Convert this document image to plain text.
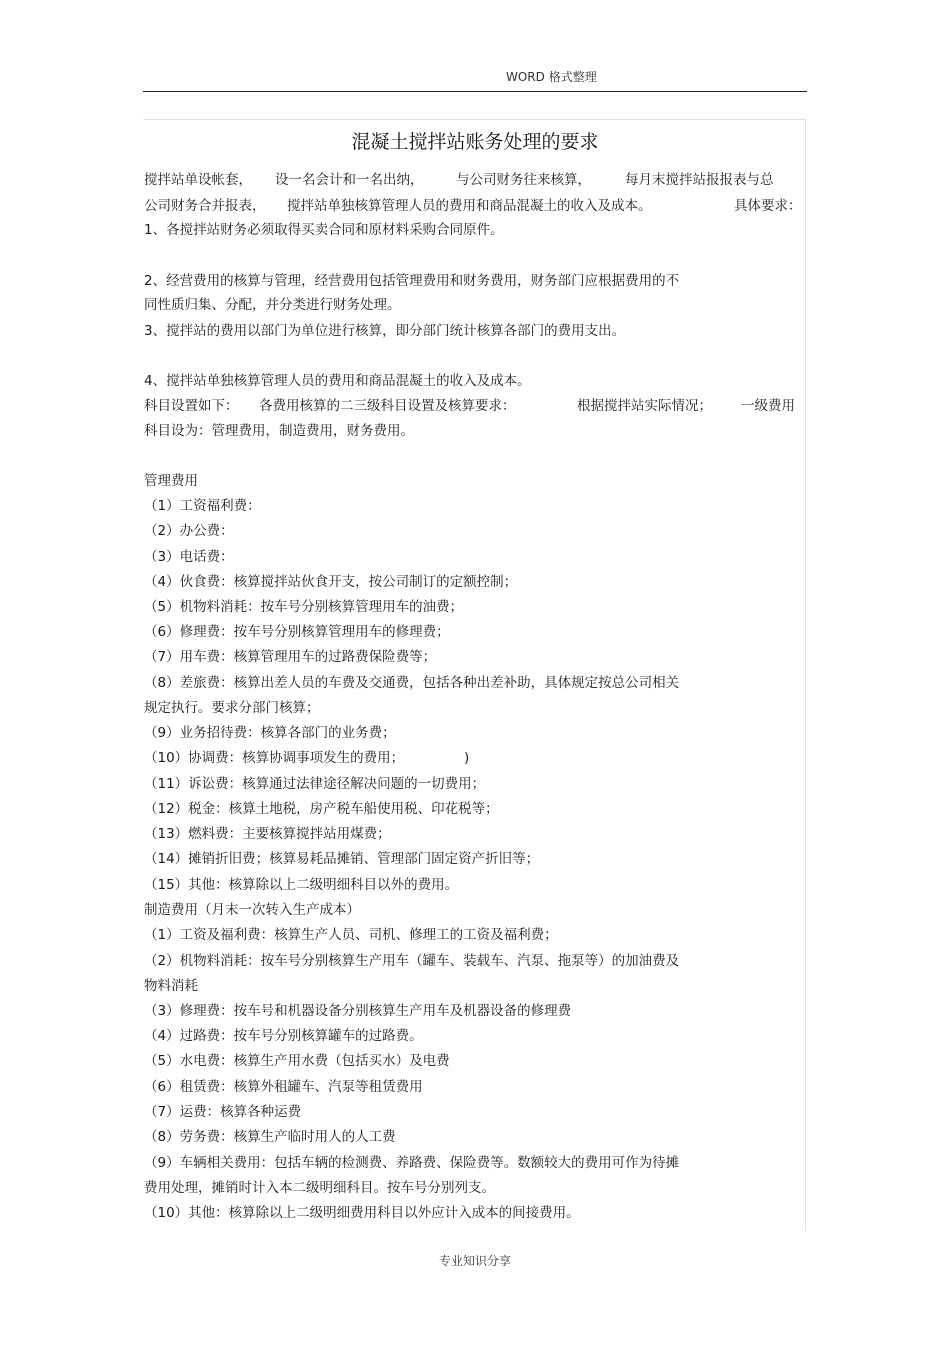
WORD 格式整理
混凝土搅拌站账务处理的要求
搅拌站单设帐套， 设一名会计和一名出纳， 与公司财务往来核算，	每月末搅拌站报报表与总
公司财务合并报表， 搅拌站单独核算管理人员的费用和商品混凝土的收入及成本。	具体要求：
1、各搅拌站财务必须取得买卖合同和原材料采购合同原件。
2、经营费用的核算与管理，经营费用包括管理费用和财务费用，财务部门应根据费用的不
同性质归集、分配，并分类进行财务处理。
3、搅拌站的费用以部门为单位进行核算，即分部门统计核算各部门的费用支出。
4、搅拌站单独核算管理人员的费用和商品混凝土的收入及成本。
科目设置如下： 各费用核算的二三级科目设置及核算要求：	根据搅拌站实际情况； 一级费用
科目设为：管理费用，制造费用，财务费用。
管理费用
（1）工资福利费：
（2）办公费：
（3）电话费：
（4）伙食费：核算搅拌站伙食开支，按公司制订的定额控制；
（5）机物料消耗：按车号分别核算管理用车的油费；
（6）修理费：按车号分别核算管理用车的修理费；
（7）用车费：核算管理用车的过路费保险费等；
（8）差旅费：核算出差人员的车费及交通费，包括各种出差补助，具体规定按总公司相关
规定执行。要求分部门核算；
（9）业务招待费：核算各部门的业务费；
（10）协调费：核算协调事项发生的费用；	)
（11）诉讼费：核算通过法律途径解决问题的一切费用；
（12）税金：核算土地税，房产税车船使用税、印花税等；
（13）燃料费：主要核算搅拌站用煤费；
（14）摊销折旧费；核算易耗品摊销、管理部门固定资产折旧等；
（15）其他：核算除以上二级明细科目以外的费用。
制造费用（月末一次转入生产成本）
（1）工资及福利费：核算生产人员、司机、修理工的工资及福利费；
（2）机物料消耗：按车号分别核算生产用车（罐车、装载车、汽泵、拖泵等）的加油费及
物料消耗
（3）修理费：按车号和机器设备分别核算生产用车及机器设备的修理费
（4）过路费：按车号分别核算罐车的过路费。
（5）水电费：核算生产用水费（包括买水）及电费
（6）租赁费：核算外租罐车、汽泵等租赁费用
（7）运费：核算各种运费
（8）劳务费：核算生产临时用人的人工费
（9）车辆相关费用：包括车辆的检测费、养路费、保险费等。数额较大的费用可作为待摊
费用处理，摊销时计入本二级明细科目。按车号分别列支。
（10）其他：核算除以上二级明细费用科目以外应计入成本的间接费用。
专业知识分享
